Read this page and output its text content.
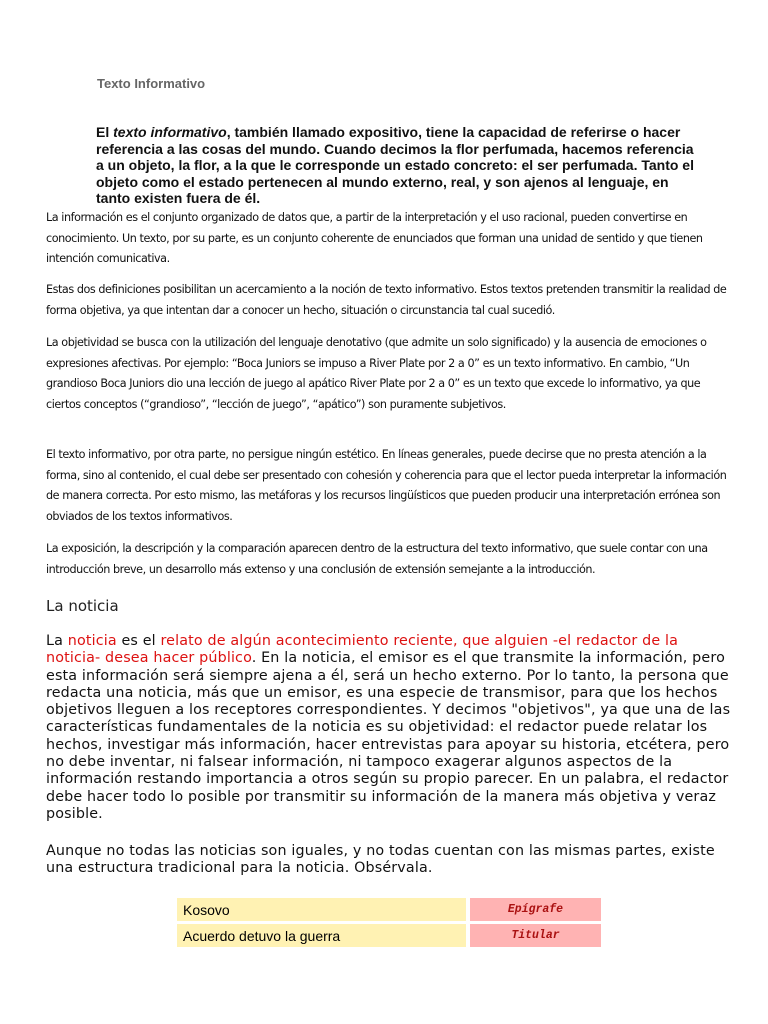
Texto Informativo
El texto informativo, también llamado expositivo, tiene la capacidad de referirse o hacer
referencia a las cosas del mundo. Cuando decimos la flor perfumada, hacemos referencia a un objeto, la flor, a la que le corresponde un estado concreto: el ser perfumada. Tanto el objeto como el estado pertenecen al mundo externo, real, y son ajenos al lenguaje, en tanto existen fuera de él.
La información es el conjunto organizado de datos que, a partir de la interpretación y el uso racional, pueden convertirse en conocimiento. Un texto, por su parte, es un conjunto coherente de enunciados que forman una unidad de sentido y que tienen intención comunicativa.
Estas dos definiciones posibilitan un acercamiento a la noción de texto informativo. Estos textos pretenden transmitir la realidad de forma objetiva, ya que intentan dar a conocer un hecho, situación o circunstancia tal cual sucedió.
La objetividad se busca con la utilización del lenguaje denotativo (que admite un solo significado) y la ausencia de emociones o expresiones afectivas. Por ejemplo: “Boca Juniors se impuso a River Plate por 2 a 0” es un texto informativo. En cambio, “Un grandioso Boca Juniors dio una lección de juego al apático River Plate por 2 a 0” es un texto que excede lo informativo, ya que ciertos conceptos (“grandioso”, “lección de juego”, “apático”) son puramente subjetivos.
El texto informativo, por otra parte, no persigue ningún estético. En líneas generales, puede decirse que no presta atención a la forma, sino al contenido, el cual debe ser presentado con cohesión y coherencia para que el lector pueda interpretar la información de manera correcta. Por esto mismo, las metáforas y los recursos lingüísticos que pueden producir una interpretación errónea son obviados de los textos informativos.
La exposición, la descripción y la comparación aparecen dentro de la estructura del texto informativo, que suele contar con una introducción breve, un desarrollo más extenso y una conclusión de extensión semejante a la introducción.
La noticia
La noticia es el relato de algún acontecimiento reciente, que alguien -el redactor de la noticia- desea hacer público. En la noticia, el emisor es el que transmite la información, pero esta información será siempre ajena a él, será un hecho externo. Por lo tanto, la persona que redacta una noticia, más que un emisor, es una especie de transmisor, para que los hechos objetivos lleguen a los receptores correspondientes. Y decimos "objetivos", ya que una de las características fundamentales de la noticia es su objetividad: el redactor puede relatar los hechos, investigar más información, hacer entrevistas para apoyar su historia, etcétera, pero no debe inventar, ni falsear información, ni tampoco exagerar algunos aspectos de la información restando importancia a otros según su propio parecer. En un palabra, el redactor debe hacer todo lo posible por transmitir su información de la manera más objetiva y veraz posible.
Aunque no todas las noticias son iguales, y no todas cuentan con las mismas partes, existe una estructura tradicional para la noticia. Obsérvala.
Kosovo		Epígrafe
Acuerdo detuvo la guerra		Titular
